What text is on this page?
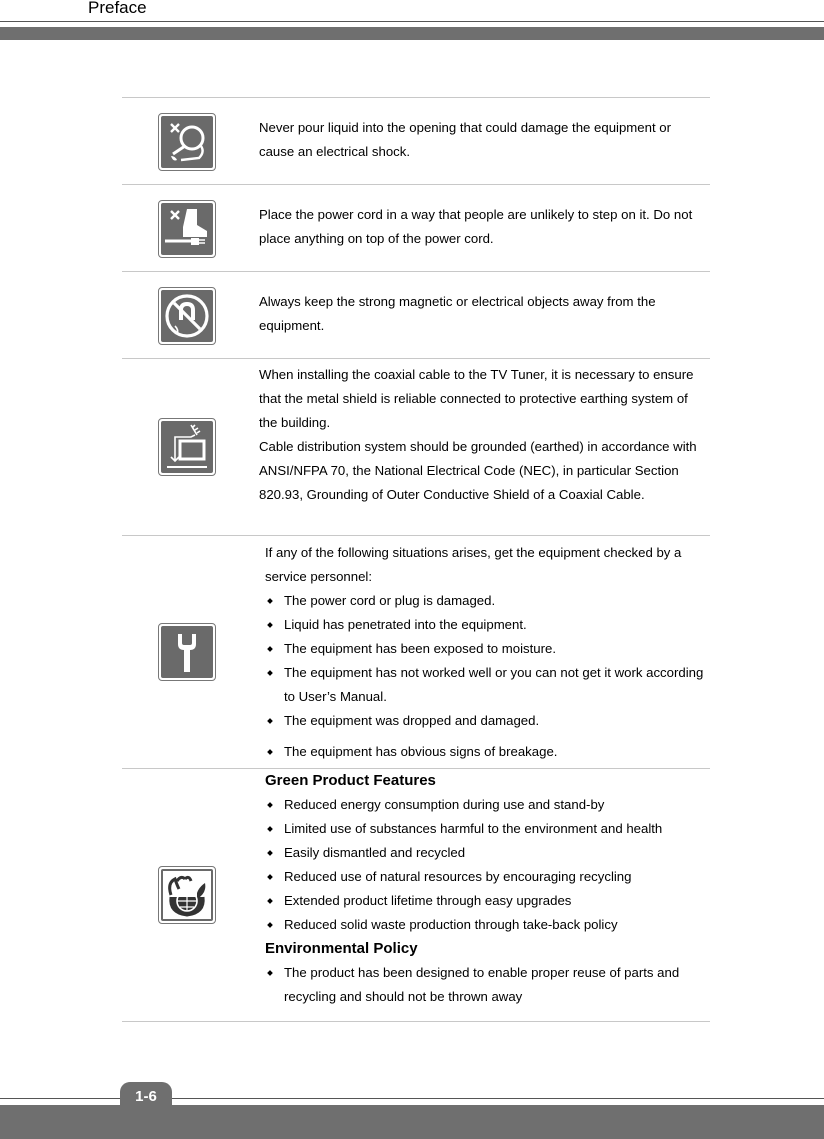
Preface

Never pour liquid into the opening that could damage the equipment or cause an electrical shock.

Place the power cord in a way that people are unlikely to step on it. Do not place anything on top of the power cord.

Always keep the strong magnetic or electrical objects away from the equipment.

When installing the coaxial cable to the TV Tuner, it is necessary to ensure that the metal shield is reliable connected to protective earthing system of the building.

Cable distribution system should be grounded (earthed) in accordance with ANSI/NFPA 70, the National Electrical Code (NEC), in particular Section 820.93, Grounding of Outer Conductive Shield of a Coaxial Cable.

If any of the following situations arises, get the equipment checked by a service personnel:

The power cord or plug is damaged.
Liquid has penetrated into the equipment.
The equipment has been exposed to moisture.
The equipment has not worked well or you can not get it work according to User’s Manual.
The equipment was dropped and damaged.
The equipment has obvious signs of breakage.

Green Product Features

Reduced energy consumption during use and stand-by
Limited use of substances harmful to the environment and health
Easily dismantled and recycled
Reduced use of natural resources by encouraging recycling
Extended product lifetime through easy upgrades
Reduced solid waste production through take-back policy

Environmental Policy

The product has been designed to enable proper reuse of parts and recycling and should not be thrown away
1-6
